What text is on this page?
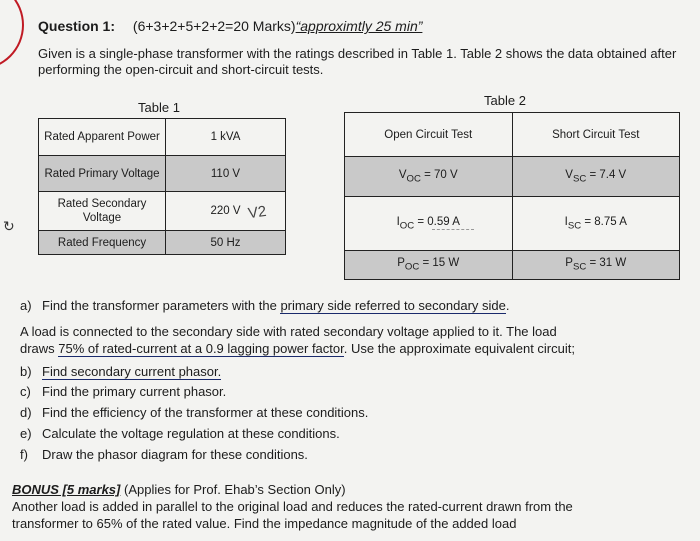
↻
Question 1: (6+3+2+5+2+2=20 Marks)“approximtly 25 min”
Given is a single-phase transformer with the ratings described in Table 1. Table 2 shows the data obtained after performing the open-circuit and short-circuit tests.
Table 1	Table 2
Rated Apparent Power	1 kVA
Rated Primary Voltage	110 V
Rated Secondary Voltage	220 V
Rated Frequency	50 Hz
V2
Open Circuit Test	Short Circuit Test
$V_{OC} = 70$ V	$V_{SC} = 7.4$ V
$I_{OC} = 0.59$ A	$I_{SC} = 8.75$ A
$P_{OC} = 15$ W	$P_{SC} = 31$ W
a) Find the transformer parameters with the primary side referred to secondary side.
A load is connected to the secondary side with rated secondary voltage applied to it. The load
draws 75% of rated-current at a 0.9 lagging power factor. Use the approximate equivalent circuit;
b) Find secondary current phasor.
c) Find the primary current phasor.
d) Find the efficiency of the transformer at these conditions.
e) Calculate the voltage regulation at these conditions.
f) Draw the phasor diagram for these conditions.
BONUS [5 marks] (Applies for Prof. Ehab’s Section Only)
Another load is added in parallel to the original load and reduces the rated-current drawn from the
transformer to 65% of the rated value. Find the impedance magnitude of the added load
